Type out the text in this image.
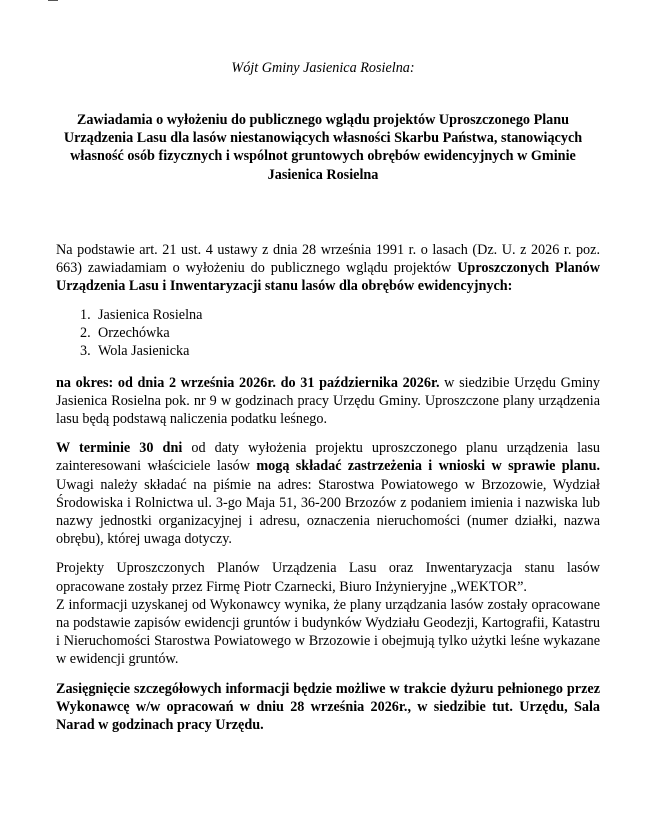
Wójt Gminy Jasienica Rosielna:
Zawiadamia o wyłożeniu do publicznego wglądu projektów Uproszczonego Planu Urządzenia Lasu dla lasów niestanowiących własności Skarbu Państwa, stanowiących własność osób fizycznych i wspólnot gruntowych obrębów ewidencyjnych w Gminie Jasienica Rosielna

Na podstawie art. 21 ust. 4 ustawy z dnia 28 września 1991 r. o lasach (Dz. U. z 2026 r. poz. 663) zawiadamiam o wyłożeniu do publicznego wglądu projektów Uproszczonych Planów Urządzenia Lasu i Inwentaryzacji stanu lasów dla obrębów ewidencyjnych:

1. Jasienica Rosielna
2. Orzechówka
3. Wola Jasienicka

na okres: od dnia 2 września 2026r. do 31 października 2026r. w siedzibie Urzędu Gminy Jasienica Rosielna pok. nr 9 w godzinach pracy Urzędu Gminy. Uproszczone plany urządzenia lasu będą podstawą naliczenia podatku leśnego.

W terminie 30 dni od daty wyłożenia projektu uproszczonego planu urządzenia lasu zainteresowani właściciele lasów mogą składać zastrzeżenia i wnioski w sprawie planu. Uwagi należy składać na piśmie na adres: Starostwa Powiatowego w Brzozowie, Wydział Środowiska i Rolnictwa ul. 3-go Maja 51, 36-200 Brzozów z podaniem imienia i nazwiska lub nazwy jednostki organizacyjnej i adresu, oznaczenia nieruchomości (numer działki, nazwa obrębu), której uwaga dotyczy.

Projekty Uproszczonych Planów Urządzenia Lasu oraz Inwentaryzacja stanu lasów opracowane zostały przez Firmę Piotr Czarnecki, Biuro Inżynieryjne „WEKTOR”.
Z informacji uzyskanej od Wykonawcy wynika, że plany urządzania lasów zostały opracowane na podstawie zapisów ewidencji gruntów i budynków Wydziału Geodezji, Kartografii, Katastru i Nieruchomości Starostwa Powiatowego w Brzozowie i obejmują tylko użytki leśne wykazane w ewidencji gruntów.

Zasięgnięcie szczegółowych informacji będzie możliwe w trakcie dyżuru pełnionego przez Wykonawcę w/w opracowań w dniu 28 września 2026r., w siedzibie tut. Urzędu, Sala Narad w godzinach pracy Urzędu.
